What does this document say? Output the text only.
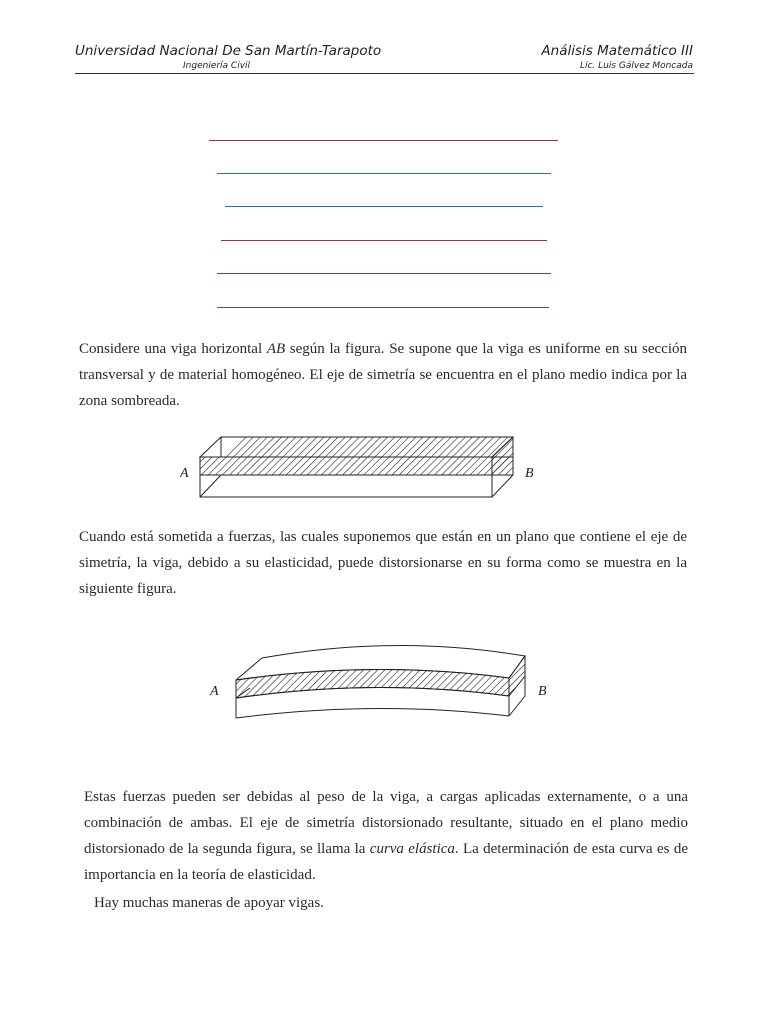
Universidad Nacional De San Martín-Tarapoto	Análisis Matemático III
Ingeniería Civil	Lic. Luis Gálvez Moncada

Considere una viga horizontal AB según la figura. Se supone que la viga es uniforme en su sección transversal y de material homogéneo. El eje de simetría se encuentra en el plano medio indica por la zona sombreada.

A	B

Cuando está sometida a fuerzas, las cuales suponemos que están en un plano que contiene el eje de simetría, la viga, debido a su elasticidad, puede distorsionarse en su forma como se muestra en la siguiente figura.

A	B

Estas fuerzas pueden ser debidas al peso de la viga, a cargas aplicadas externamente, o a una combinación de ambas. El eje de simetría distorsionado resultante, situado en el plano medio distorsionado de la segunda figura, se llama la curva elástica. La determinación de esta curva es de importancia en la teoría de elasticidad.

Hay muchas maneras de apoyar vigas.
